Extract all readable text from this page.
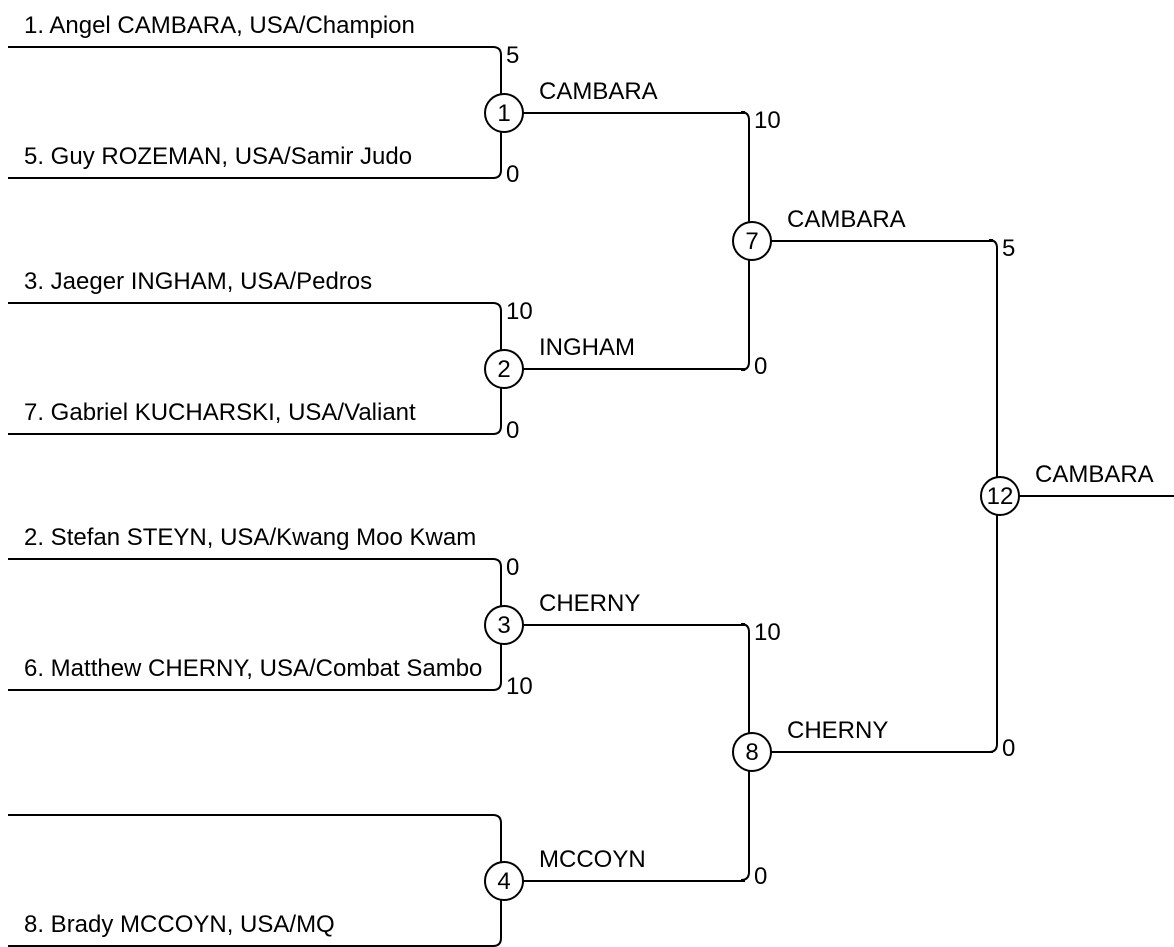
1. Angel CAMBARA, USA/Champion
5. Guy ROZEMAN, USA/Samir Judo
5
0
CAMBARA
1
3. Jaeger INGHAM, USA/Pedros
7. Gabriel KUCHARSKI, USA/Valiant
10
0
INGHAM
2
2. Stefan STEYN, USA/Kwang Moo Kwam
6. Matthew CHERNY, USA/Combat Sambo
0
10
CHERNY
3
8. Brady MCCOYN, USA/MQ
MCCOYN
4
10
0
CAMBARA
7
10
0
CHERNY
8
5
0
CAMBARA
12
